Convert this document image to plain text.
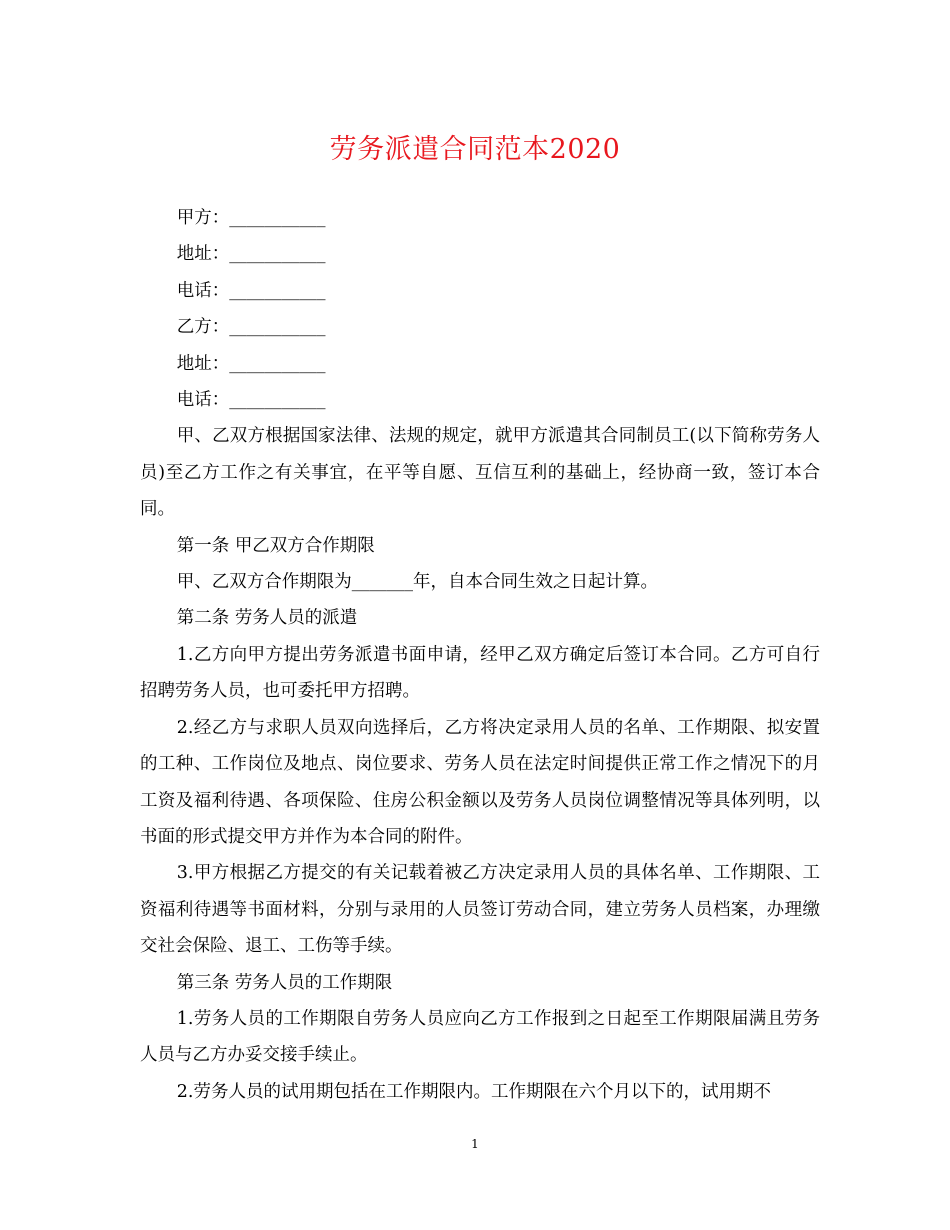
劳务派遣合同范本2020

甲方：___________

地址：___________

电话：___________

乙方：___________

地址：___________

电话：___________

甲、乙双方根据国家法律、法规的规定，就甲方派遣其合同制员工(以下简称劳务人员)至乙方工作之有关事宜，在平等自愿、互信互利的基础上，经协商一致，签订本合同。

第一条 甲乙双方合作期限

甲、乙双方合作期限为_______年，自本合同生效之日起计算。

第二条 劳务人员的派遣

1.乙方向甲方提出劳务派遣书面申请，经甲乙双方确定后签订本合同。乙方可自行招聘劳务人员，也可委托甲方招聘。

2.经乙方与求职人员双向选择后，乙方将决定录用人员的名单、工作期限、拟安置的工种、工作岗位及地点、岗位要求、劳务人员在法定时间提供正常工作之情况下的月工资及福利待遇、各项保险、住房公积金额以及劳务人员岗位调整情况等具体列明，以书面的形式提交甲方并作为本合同的附件。

3.甲方根据乙方提交的有关记载着被乙方决定录用人员的具体名单、工作期限、工资福利待遇等书面材料，分别与录用的人员签订劳动合同，建立劳务人员档案，办理缴交社会保险、退工、工伤等手续。

第三条 劳务人员的工作期限

1.劳务人员的工作期限自劳务人员应向乙方工作报到之日起至工作期限届满且劳务人员与乙方办妥交接手续止。

2.劳务人员的试用期包括在工作期限内。工作期限在六个月以下的，试用期不

1
